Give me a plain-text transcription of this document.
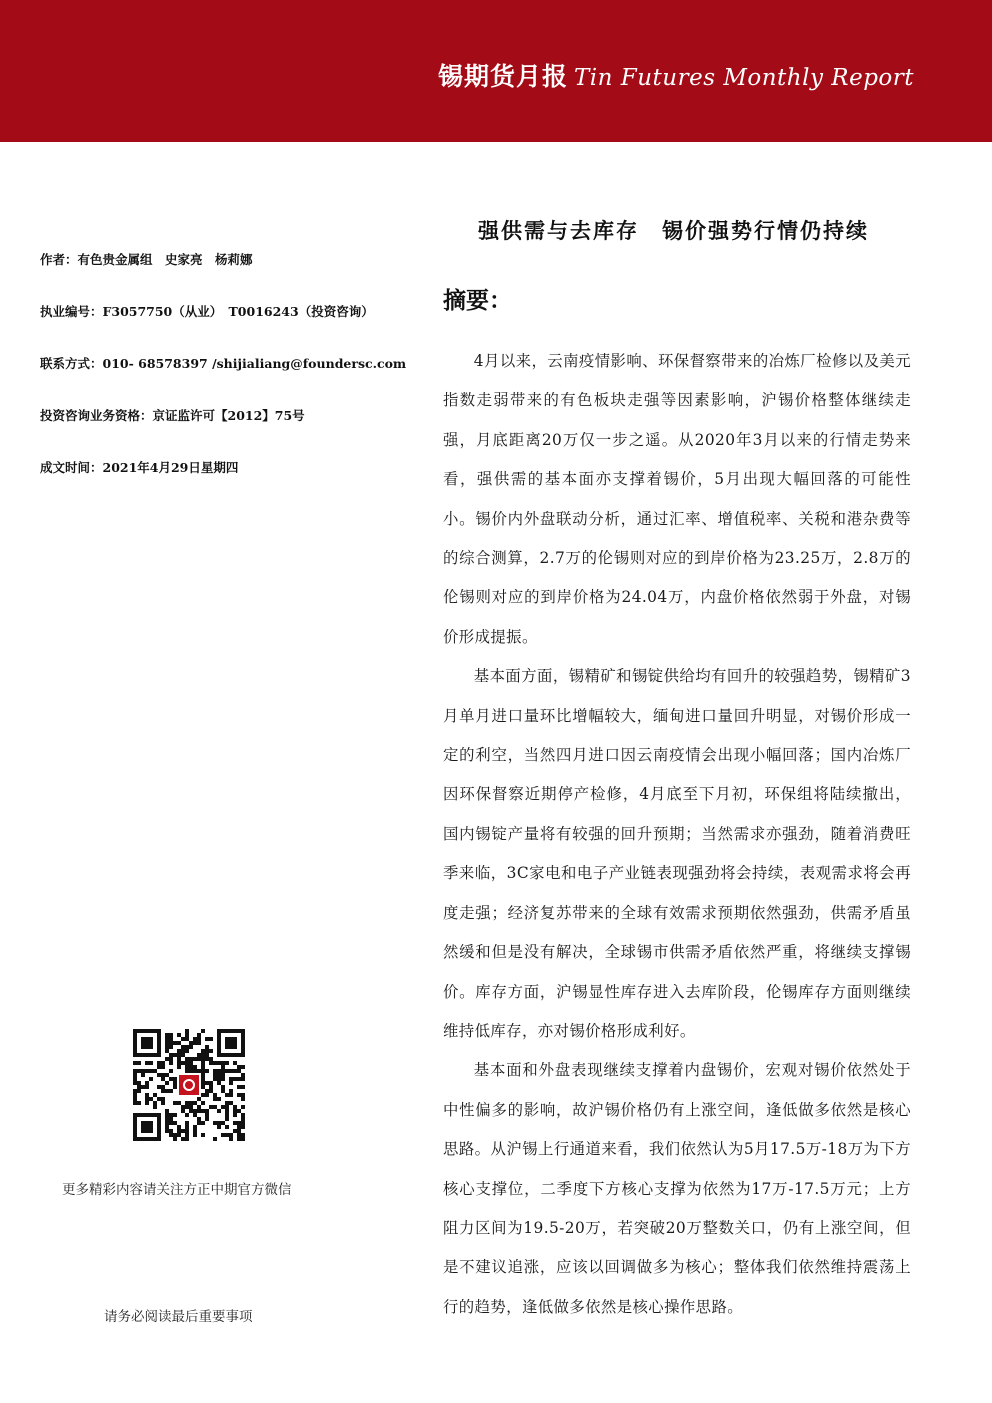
锡期货月报 Tin Futures Monthly Report
强供需与去库存　锡价强势行情仍持续
作者：有色贵金属组　史家亮　杨莉娜
执业编号：F3057750（从业）　T0016243（投资咨询）
联系方式：010- 68578397 /shijialiang@foundersc.com
投资咨询业务资格：京证监许可【2012】75号
成文时间：2021年4月29日星期四
摘要：

4月以来，云南疫情影响、环保督察带来的冶炼厂检修以及美元指数走弱带来的有色板块走强等因素影响，沪锡价格整体继续走强，月底距离20万仅一步之遥。从2020年3月以来的行情走势来看，强供需的基本面亦支撑着锡价，5月出现大幅回落的可能性小。锡价内外盘联动分析，通过汇率、增值税率、关税和港杂费等的综合测算，2.7万的伦锡则对应的到岸价格为23.25万，2.8万的伦锡则对应的到岸价格为24.04万，内盘价格依然弱于外盘，对锡价形成提振。

基本面方面，锡精矿和锡锭供给均有回升的较强趋势，锡精矿3月单月进口量环比增幅较大，缅甸进口量回升明显，对锡价形成一定的利空，当然四月进口因云南疫情会出现小幅回落；国内冶炼厂因环保督察近期停产检修，4月底至下月初，环保组将陆续撤出，国内锡锭产量将有较强的回升预期；当然需求亦强劲，随着消费旺季来临，3C家电和电子产业链表现强劲将会持续，表观需求将会再度走强；经济复苏带来的全球有效需求预期依然强劲，供需矛盾虽然缓和但是没有解决，全球锡市供需矛盾依然严重，将继续支撑锡价。库存方面，沪锡显性库存进入去库阶段，伦锡库存方面则继续维持低库存，亦对锡价格形成利好。

基本面和外盘表现继续支撑着内盘锡价，宏观对锡价依然处于中性偏多的影响，故沪锡价格仍有上涨空间，逢低做多依然是核心思路。从沪锡上行通道来看，我们依然认为5月17.5万-18万为下方核心支撑位，二季度下方核心支撑为依然为17万-17.5万元；上方阻力区间为19.5-20万，若突破20万整数关口，仍有上涨空间，但是不建议追涨，应该以回调做多为核心；整体我们依然维持震荡上行的趋势，逢低做多依然是核心操作思路。

更多精彩内容请关注方正中期官方微信
请务必阅读最后重要事项
